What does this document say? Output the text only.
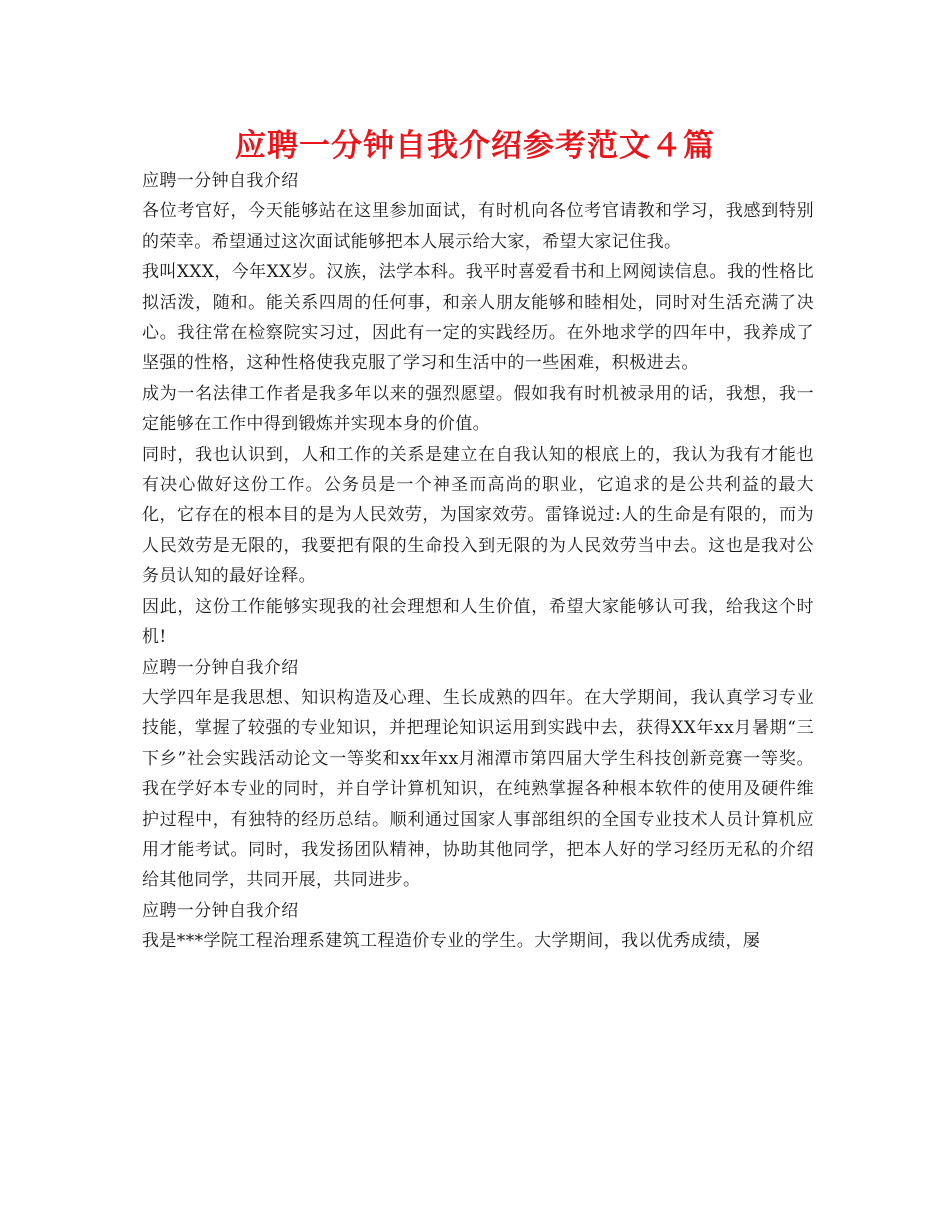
应聘一分钟自我介绍参考范文４篇

应聘一分钟自我介绍

各位考官好，今天能够站在这里参加面试，有时机向各位考官请教和学习，我感到特别的荣幸。希望通过这次面试能够把本人展示给大家，希望大家记住我。

我叫XXX，今年XX岁。汉族，法学本科。我平时喜爱看书和上网阅读信息。我的性格比拟活泼，随和。能关系四周的任何事，和亲人朋友能够和睦相处，同时对生活充满了决心。我往常在检察院实习过，因此有一定的实践经历。在外地求学的四年中，我养成了坚强的性格，这种性格使我克服了学习和生活中的一些困难，积极进去。

成为一名法律工作者是我多年以来的强烈愿望。假如我有时机被录用的话，我想，我一定能够在工作中得到锻炼并实现本身的价值。

同时，我也认识到，人和工作的关系是建立在自我认知的根底上的，我认为我有才能也有决心做好这份工作。公务员是一个神圣而高尚的职业，它追求的是公共利益的最大化，它存在的根本目的是为人民效劳，为国家效劳。雷锋说过:人的生命是有限的，而为人民效劳是无限的，我要把有限的生命投入到无限的为人民效劳当中去。这也是我对公务员认知的最好诠释。

因此，这份工作能够实现我的社会理想和人生价值，希望大家能够认可我，给我这个时机!

应聘一分钟自我介绍

大学四年是我思想、知识构造及心理、生长成熟的四年。在大学期间，我认真学习专业技能，掌握了较强的专业知识，并把理论知识运用到实践中去，获得XX年xx月暑期“三下乡”社会实践活动论文一等奖和xx年xx月湘潭市第四届大学生科技创新竞赛一等奖。我在学好本专业的同时，并自学计算机知识，在纯熟掌握各种根本软件的使用及硬件维护过程中，有独特的经历总结。顺利通过国家人事部组织的全国专业技术人员计算机应用才能考试。同时，我发扬团队精神，协助其他同学，把本人好的学习经历无私的介绍给其他同学，共同开展，共同进步。

应聘一分钟自我介绍

我是***学院工程治理系建筑工程造价专业的学生。大学期间，我以优秀成绩，屡
